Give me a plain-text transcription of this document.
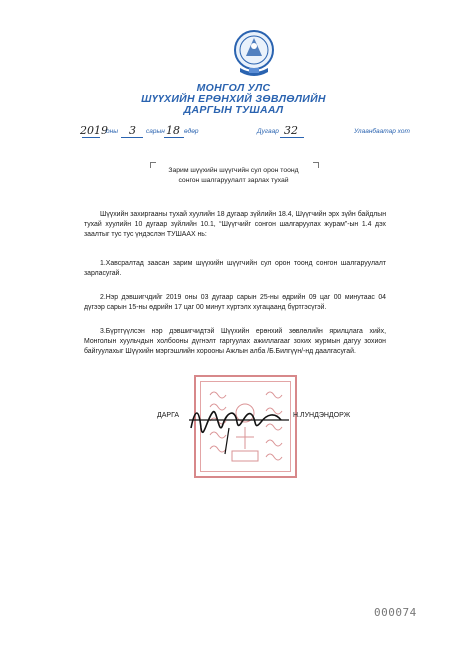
МОНГОЛ УЛС
ШҮҮХИЙН ЕРӨНХИЙ ЗӨВЛӨЛИЙН
ДАРГЫН ТУШААЛ
2019
оны 3 сарын 18 өдөр	Дугаар 32	Улаанбаатар хот
Зарим шүүхийн шүүгчийн сул орон тоонд
сонгон шалгаруулалт зарлах тухай
Шүүхийн захиргааны тухай хуулийн 18 дугаар зүйлийн 18.4, Шүүгчийн эрх зүйн байдлын тухай хуулийн 10 дугаар зүйлийн 10.1, “Шүүгчийг сонгон шалгаруулах журам”-ын 1.4 дэх заалтыг тус тус үндэслэн ТУШААХ нь:
1.Хавсралтад заасан зарим шүүхийн шүүгчийн сул орон тоонд сонгон шалгаруулалт зарласугай.
2.Нэр дэвшигчдийг 2019 оны 03 дугаар сарын 25-ны өдрийн 09 цаг 00 минутаас 04 дүгээр сарын 15-ны өдрийн 17 цаг 00 минут хүртэлх хугацаанд бүртгэсүгэй.
3.Бүртгүүлсэн нэр дэвшигчидтэй Шүүхийн ерөнхий зөвлөлийн ярилцлага хийх, Монголын хуульчдын холбооны дүгнэлт гаргуулах ажиллагааг зохих журмын дагуу зохион байгуулахыг Шүүхийн мэргэшлийн хорооны Ажлын алба /Б.Билгүүн/-нд даалгасугай.
ДАРГА	Н.ЛУНДЭНДОРЖ
000074
